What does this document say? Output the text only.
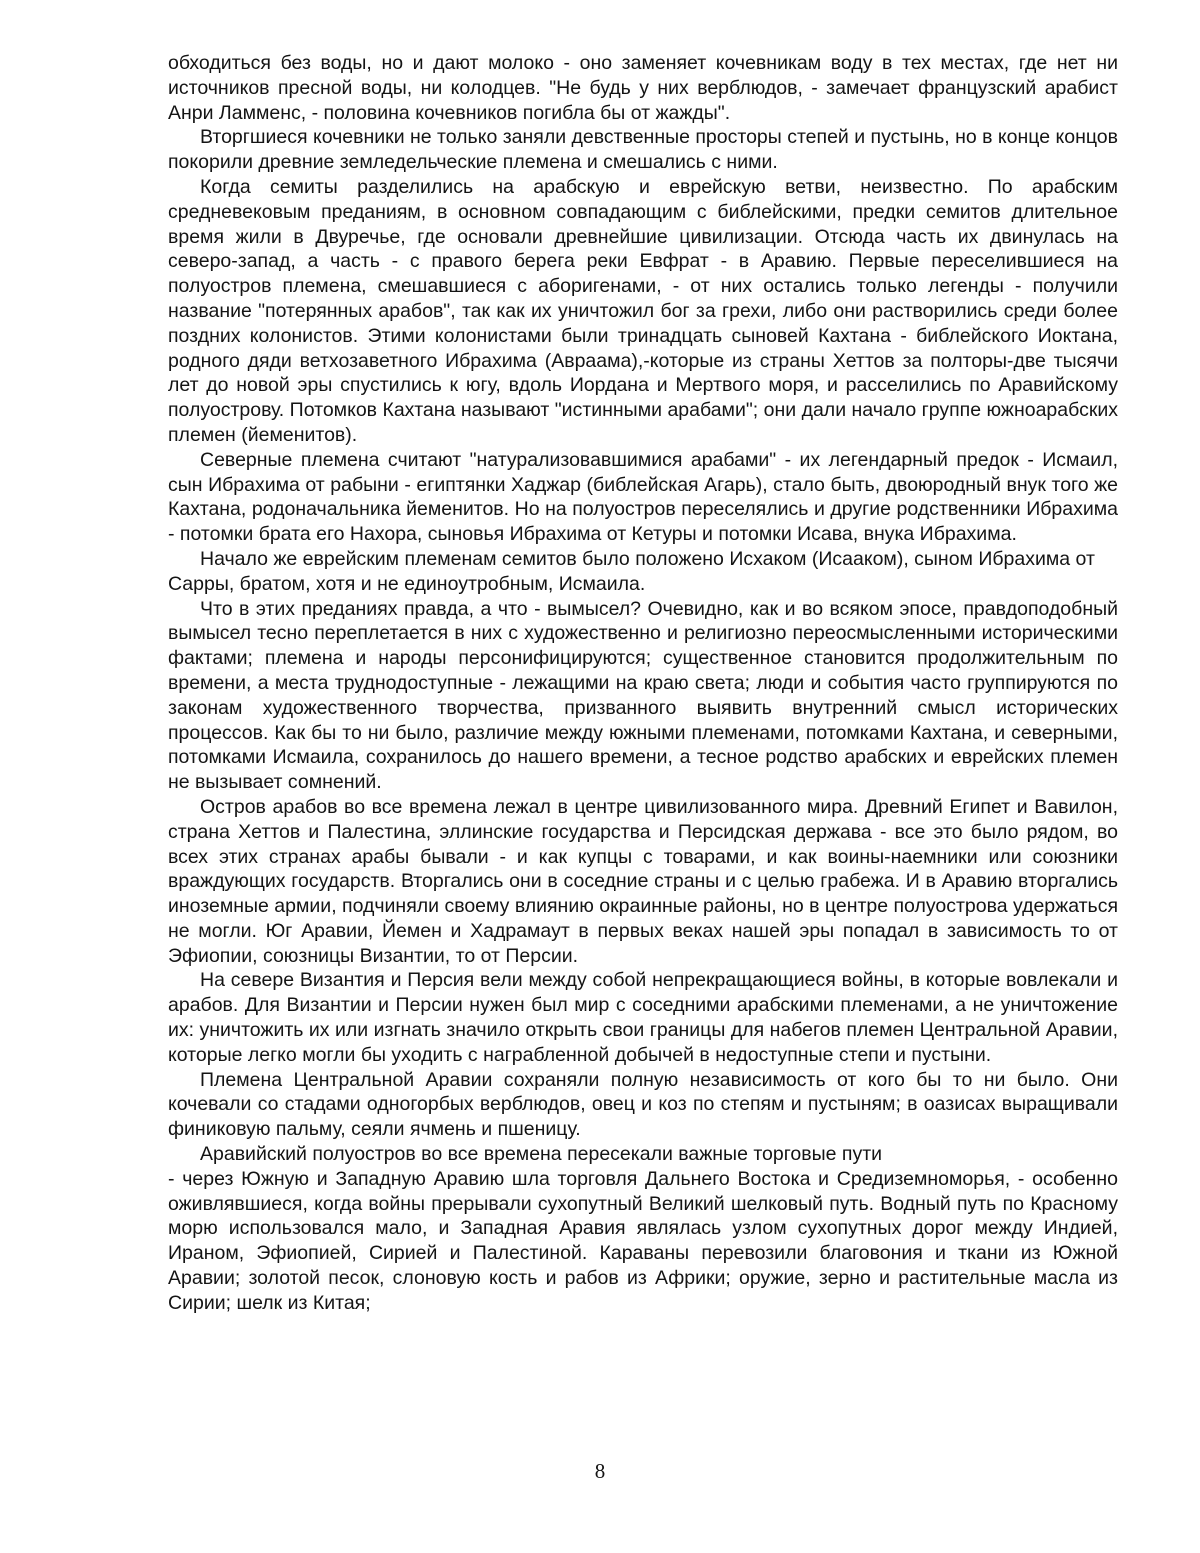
обходиться без воды, но и дают молоко - оно заменяет кочевникам воду в тех местах, где нет ни источников пресной воды, ни колодцев. "Не будь у них верблюдов, - замечает французский арабист Анри Ламменс, - половина кочевников погибла бы от жажды".

Вторгшиеся кочевники не только заняли девственные просторы степей и пустынь, но в конце концов покорили древние земледельческие племена и смешались с ними.

Когда семиты разделились на арабскую и еврейскую ветви, неизвестно. По арабским средневековым преданиям, в основном совпадающим с библейскими, предки семитов длительное время жили в Двуречье, где основали древнейшие цивилизации. Отсюда часть их двинулась на северо-запад, а часть - с правого берега реки Евфрат - в Аравию. Первые переселившиеся на полуостров племена, смешавшиеся с аборигенами, - от них остались только легенды - получили название "потерянных арабов", так как их уничтожил бог за грехи, либо они растворились среди более поздних колонистов. Этими колонистами были тринадцать сыновей Кахтана - библейского Иоктана, родного дяди ветхозаветного Ибрахима (Авраама),-которые из страны Хеттов за полторы-две тысячи лет до новой эры спустились к югу, вдоль Иордана и Мертвого моря, и расселились по Аравийскому полуострову. Потомков Кахтана называют "истинными арабами"; они дали начало группе южноарабских племен (йеменитов).

Северные племена считают "натурализовавшимися арабами" - их легендарный предок - Исмаил, сын Ибрахима от рабыни - египтянки Хаджар (библейская Агарь), стало быть, двоюродный внук того же Кахтана, родоначальника йеменитов. Но на полуостров переселялись и другие родственники Ибрахима - потомки брата его Нахора, сыновья Ибрахима от Кетуры и потомки Исава, внука Ибрахима.

Начало же еврейским племенам семитов было положено Исхаком (Исааком), сыном Ибрахима от Сарры, братом, хотя и не единоутробным, Исмаила.

Что в этих преданиях правда, а что - вымысел? Очевидно, как и во всяком эпосе, правдоподобный вымысел тесно переплетается в них с художественно и религиозно переосмысленными историческими фактами; племена и народы персонифицируются; существенное становится продолжительным по времени, а места труднодоступные - лежащими на краю света; люди и события часто группируются по законам художественного творчества, призванного выявить внутренний смысл исторических процессов. Как бы то ни было, различие между южными племенами, потомками Кахтана, и северными, потомками Исмаила, сохранилось до нашего времени, а тесное родство арабских и еврейских племен не вызывает сомнений.

Остров арабов во все времена лежал в центре цивилизованного мира. Древний Египет и Вавилон, страна Хеттов и Палестина, эллинские государства и Персидская держава - все это было рядом, во всех этих странах арабы бывали - и как купцы с товарами, и как воины-наемники или союзники враждующих государств. Вторгались они в соседние страны и с целью грабежа. И в Аравию вторгались иноземные армии, подчиняли своему влиянию окраинные районы, но в центре полуострова удержаться не могли. Юг Аравии, Йемен и Хадрамаут в первых веках нашей эры попадал в зависимость то от Эфиопии, союзницы Византии, то от Персии.

На севере Византия и Персия вели между собой непрекращающиеся войны, в которые вовлекали и арабов. Для Византии и Персии нужен был мир с соседними арабскими племенами, а не уничтожение их: уничтожить их или изгнать значило открыть свои границы для набегов племен Центральной Аравии, которые легко могли бы уходить с награбленной добычей в недоступные степи и пустыни.

Племена Центральной Аравии сохраняли полную независимость от кого бы то ни было. Они кочевали со стадами одногорбых верблюдов, овец и коз по степям и пустыням; в оазисах выращивали финиковую пальму, сеяли ячмень и пшеницу.

Аравийский полуостров во все времена пересекали важные торговые пути

- через Южную и Западную Аравию шла торговля Дальнего Востока и Средиземноморья, - особенно оживлявшиеся, когда войны прерывали сухопутный Великий шелковый путь. Водный путь по Красному морю использовался мало, и Западная Аравия являлась узлом сухопутных дорог между Индией, Ираном, Эфиопией, Сирией и Палестиной. Караваны перевозили благовония и ткани из Южной Аравии; золотой песок, слоновую кость и рабов из Африки; оружие, зерно и растительные масла из Сирии; шелк из Китая;

8
